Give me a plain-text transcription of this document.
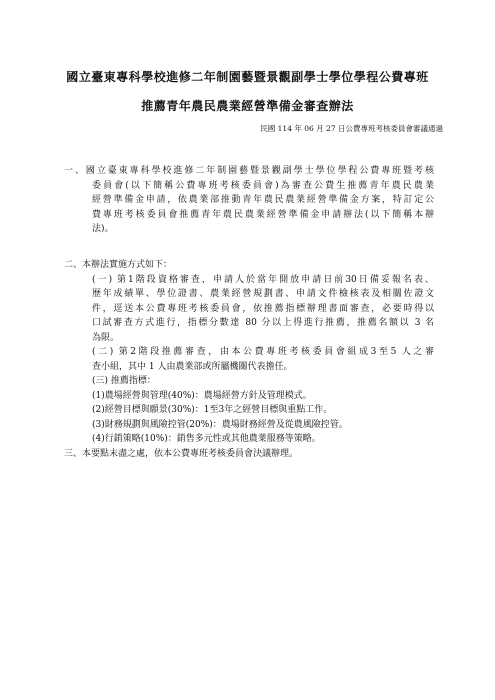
國立臺東專科學校進修二年制園藝暨景觀副學士學位學程公費專班
推薦青年農民農業經營準備金審查辦法
民國 114 年 06 月 27 日公費專班考核委員會審議通過
一、國立臺東專科學校進修二年制園藝暨景觀副學士學位學程公費專班暨考核
委員會(以下簡稱公費專班考核委員會)為審查公費生推薦青年農民農業
經營準備金申請，依農業部推動青年農民農業經營準備金方案，特訂定公
費專班考核委員會推薦青年農民農業經營準備金申請辦法(以下簡稱本辦
法)。
二、本辦法實施方式如下：
(一) 第1階段資格審查，申請人於當年開放申請日前30日備妥報名表、
歷年成績單、學位證書、農業經營規劃書、申請文件檢核表及相關佐證文
件，逕送本公費專班考核委員會，依推薦指標辦理書面審查，必要時得以
口試審查方式進行，指標分數達 80 分以上得進行推薦，推薦名額以 3 名
為限。
(二) 第2階段推薦審查，由本公費專班考核委員會組成3至5 人之審
查小組，其中 1 人由農業部或所屬機關代表擔任。
(三) 推薦指標：
(1)農場經營與管理(40%)：農場經營方針及管理模式。
(2)經營目標與願景(30%)：1至3年之經營目標與重點工作。
(3)財務規劃與風險控管(20%)：農場財務經營及從農風險控管。
(4)行銷策略(10%)：銷售多元性或其他農業服務等策略。
三、本要點未盡之處，依本公費專班考核委員會決議辦理。
